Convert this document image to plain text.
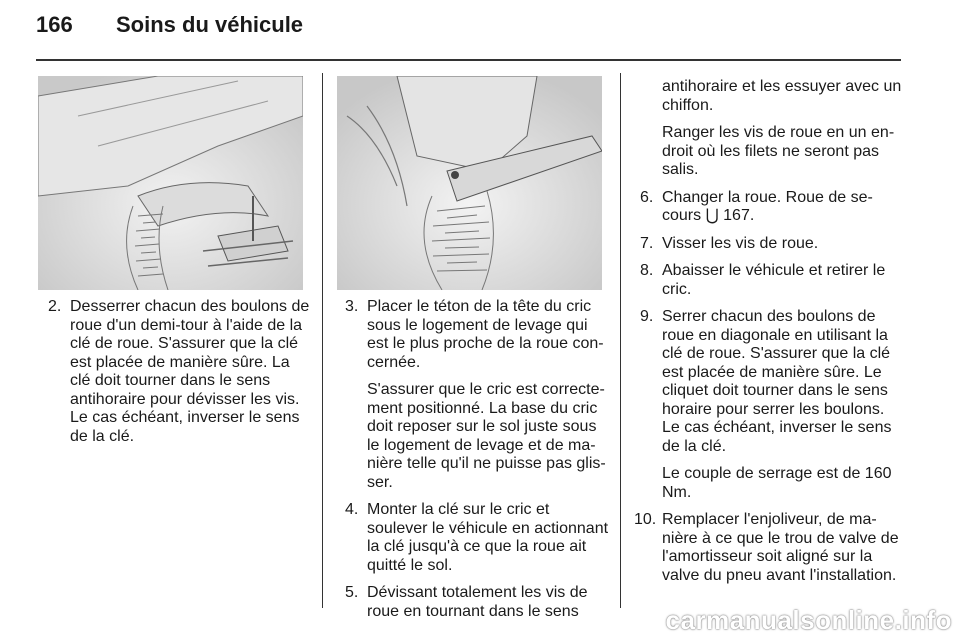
166 Soins du véhicule
2. Desserrer chacun des boulons de roue d'un demi-tour à l'aide de la clé de roue. S'assurer que la clé est placée de manière sûre. La clé doit tourner dans le sens antihoraire pour dévisser les vis. Le cas échéant, inverser le sens de la clé.
3. Placer le téton de la tête du cric sous le logement de levage qui est le plus proche de la roue concernée.
S'assurer que le cric est correctement positionné. La base du cric doit reposer sur le sol juste sous le logement de levage et de manière telle qu'il ne puisse pas glisser.
4. Monter la clé sur le cric et soulever le véhicule en actionnant la clé jusqu'à ce que la roue ait quitté le sol.
5. Dévissant totalement les vis de roue en tournant dans le sens
antihoraire et les essuyer avec un chiffon.
Ranger les vis de roue en un endroit où les filets ne seront pas salis.
6. Changer la roue. Roue de secours ⋃ 167.
7. Visser les vis de roue.
8. Abaisser le véhicule et retirer le cric.
9. Serrer chacun des boulons de roue en diagonale en utilisant la clé de roue. S'assurer que la clé est placée de manière sûre. Le cliquet doit tourner dans le sens horaire pour serrer les boulons. Le cas échéant, inverser le sens de la clé.
Le couple de serrage est de 160 Nm.
10. Remplacer l'enjoliveur, de manière à ce que le trou de valve de l'amortisseur soit aligné sur la valve du pneu avant l'installation.
carmanualsonline.info
